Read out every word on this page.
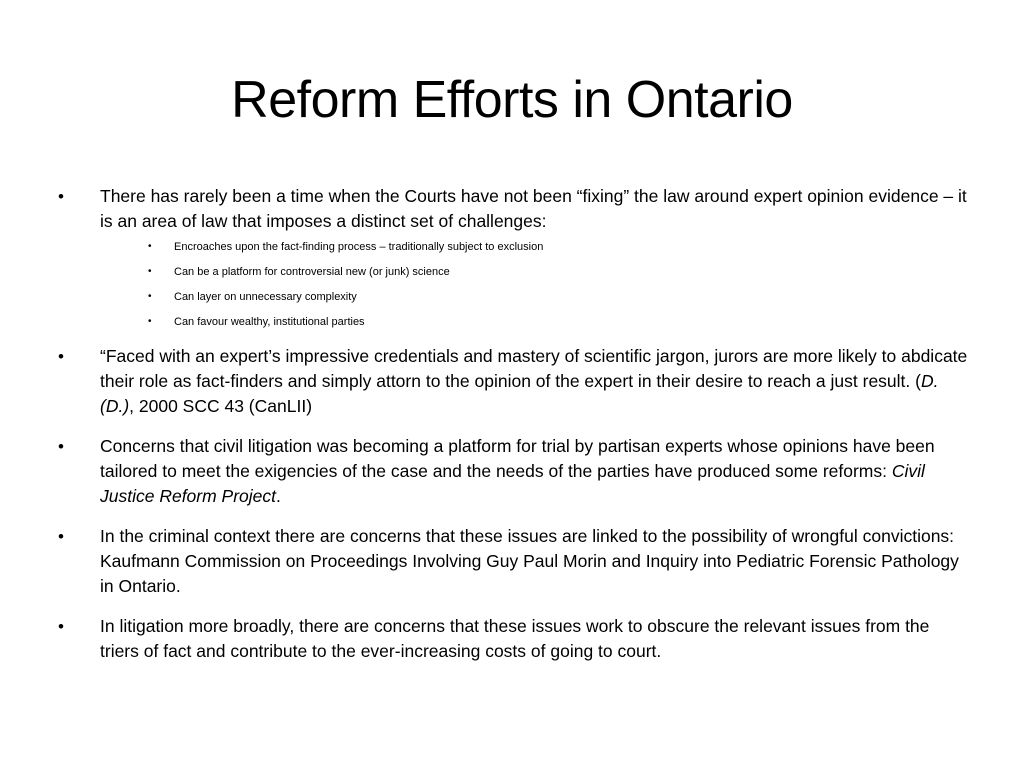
Reform Efforts in Ontario
• There has rarely been a time when the Courts have not been “fixing” the law around expert opinion evidence – it is an area of law that imposes a distinct set of challenges:
• Encroaches upon the fact-finding process – traditionally subject to exclusion
• Can be a platform for controversial new (or junk) science
• Can layer on unnecessary complexity
• Can favour wealthy, institutional parties
• “Faced with an expert’s impressive credentials and mastery of scientific jargon, jurors are more likely to abdicate their role as fact-finders and simply attorn to the opinion of the expert in their desire to reach a just result. (D.(D.), 2000 SCC 43 (CanLII)
• Concerns that civil litigation was becoming a platform for trial by partisan experts whose opinions have been tailored to meet the exigencies of the case and the needs of the parties have produced some reforms: Civil Justice Reform Project.
• In the criminal context there are concerns that these issues are linked to the possibility of wrongful convictions: Kaufmann Commission on Proceedings Involving Guy Paul Morin and Inquiry into Pediatric Forensic Pathology in Ontario.
• In litigation more broadly, there are concerns that these issues work to obscure the relevant issues from the triers of fact and contribute to the ever-increasing costs of going to court.
